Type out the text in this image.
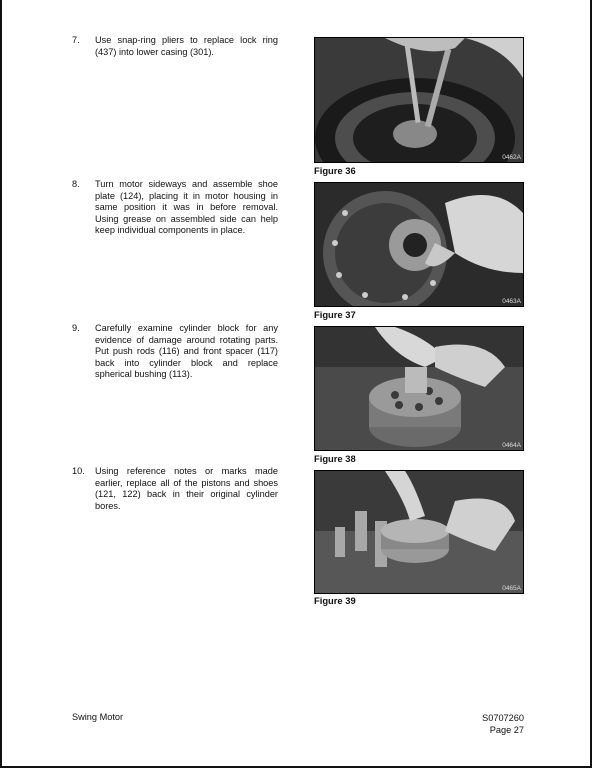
7. Use snap-ring pliers to replace lock ring (437) into lower casing (301).
8. Turn motor sideways and assemble shoe plate (124), placing it in motor housing in same position it was in before removal. Using grease on assembled side can help keep individual components in place.
9. Carefully examine cylinder block for any evidence of damage around rotating parts. Put push rods (116) and front spacer (117) back into cylinder block and replace spherical bushing (113).
10. Using reference notes or marks made earlier, replace all of the pistons and shoes (121, 122) back in their original cylinder bores.
0462A
Figure 36
0463A
Figure 37
0464A
Figure 38
0465A
Figure 39
Swing Motor	S0707260
Page 27
